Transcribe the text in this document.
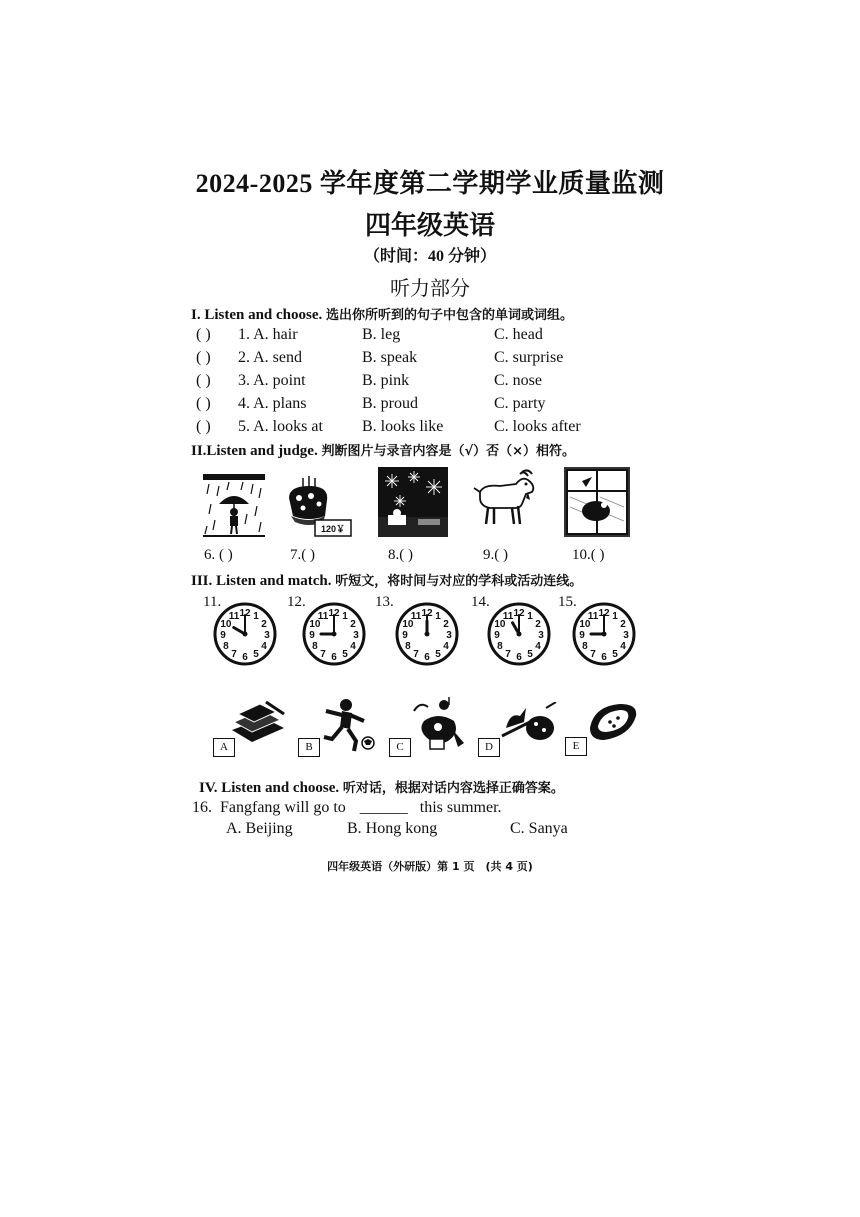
2024-2025 学年度第二学期学业质量监测
四年级英语
（时间：40 分钟）
听力部分
I. Listen and choose. 选出你所听到的句子中包含的单词或词组。
( ) 1. A. hair	B. leg	C. head
( ) 2. A. send	B. speak	C. surprise
( ) 3. A. point	B. pink	C. nose
( ) 4. A. plans	B. proud	C. party
( ) 5. A. looks at B. looks like	C. looks after
II.Listen and judge. 判断图片与录音内容是（√）否（×）相符。
120￥
6. ( )	7.( )	8.( )	9.( )	10.( )
III. Listen and match. 听短文，将时间与对应的学科或活动连线。
11.	12.	13.	14.	15.
1
2
3
4
5
6
7
8
9
10
11 12	1
2
3
4
5
6
7
8
9
10
11 12	1
2
3
4
5
6
7
8
9
10
11 12	1
2
3
4
5
6
7
8
9
10
11 12	1
2
3
4
5
6
7
8
9
10
11 12
A	B	C	D	E
IV. Listen and choose. 听对话，根据对话内容选择正确答案。
16. Fangfang will go to ______ this summer.
A. Beijing	B. Hong kong	C. Sanya
四年级英语（外研版）第 1 页　(共 4 页)
